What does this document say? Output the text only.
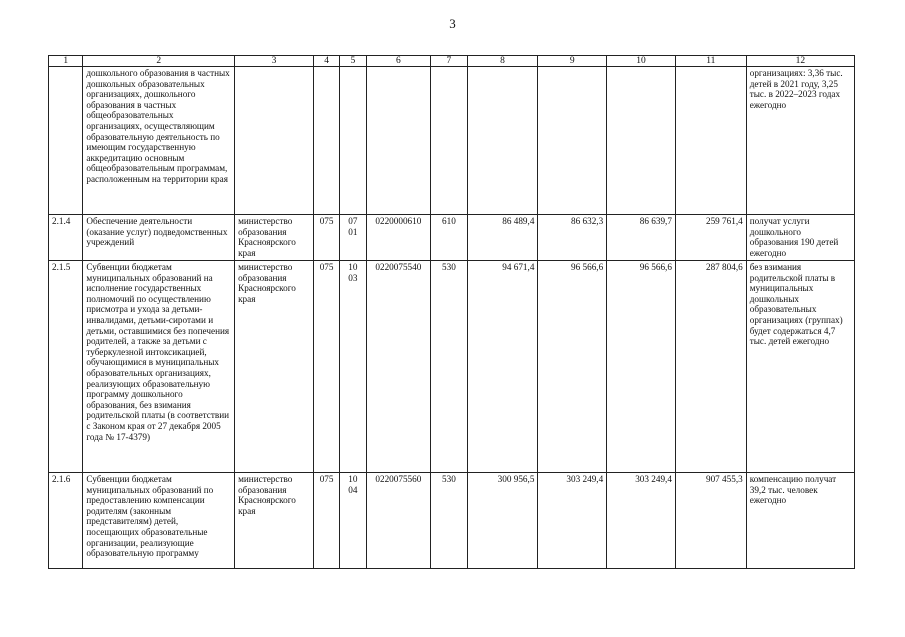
3
1	2	3	4	5	6	7	8	9	10	11	12
	дошкольного образования в частных дошкольных образовательных организациях, дошкольного образования в частных общеобразовательных организациях, осуществляющим образовательную деятельность по имеющим государственную аккредитацию основным общеобразовательным программам, расположенным на территории края										организациях: 3,36 тыс. детей в 2021 году, 3,25 тыс. в 2022–2023 годах ежегодно
2.1.4	Обеспечение деятельности (оказание услуг) подведомственных учреждений	министерство образования Красноярского края	075	07 01	0220000610	610	86 489,4	86 632,3	86 639,7	259 761,4	получат услуги дошкольного образования 190 детей ежегодно
2.1.5	Субвенции бюджетам муниципальных образований на исполнение государственных полномочий по осуществлению присмотра и ухода за детьми-инвалидами, детьми-сиротами и детьми, оставшимися без попечения родителей, а также за детьми с туберкулезной интоксикацией, обучающимися в муниципальных образовательных организациях, реализующих образовательную программу дошкольного образования, без взимания родительской платы (в соответствии с Законом края от 27 декабря 2005 года № 17-4379)	министерство образования Красноярского края	075	10 03	0220075540	530	94 671,4	96 566,6	96 566,6	287 804,6	без взимания родительской платы в муниципальных дошкольных образовательных организациях (группах) будет содержаться 4,7 тыс. детей ежегодно
2.1.6	Субвенции бюджетам муниципальных образований по предоставлению компенсации родителям (законным представителям) детей, посещающих образовательные организации, реализующие образовательную программу	министерство образования Красноярского края	075	10 04	0220075560	530	300 956,5	303 249,4	303 249,4	907 455,3	компенсацию получат 39,2 тыс. человек ежегодно
